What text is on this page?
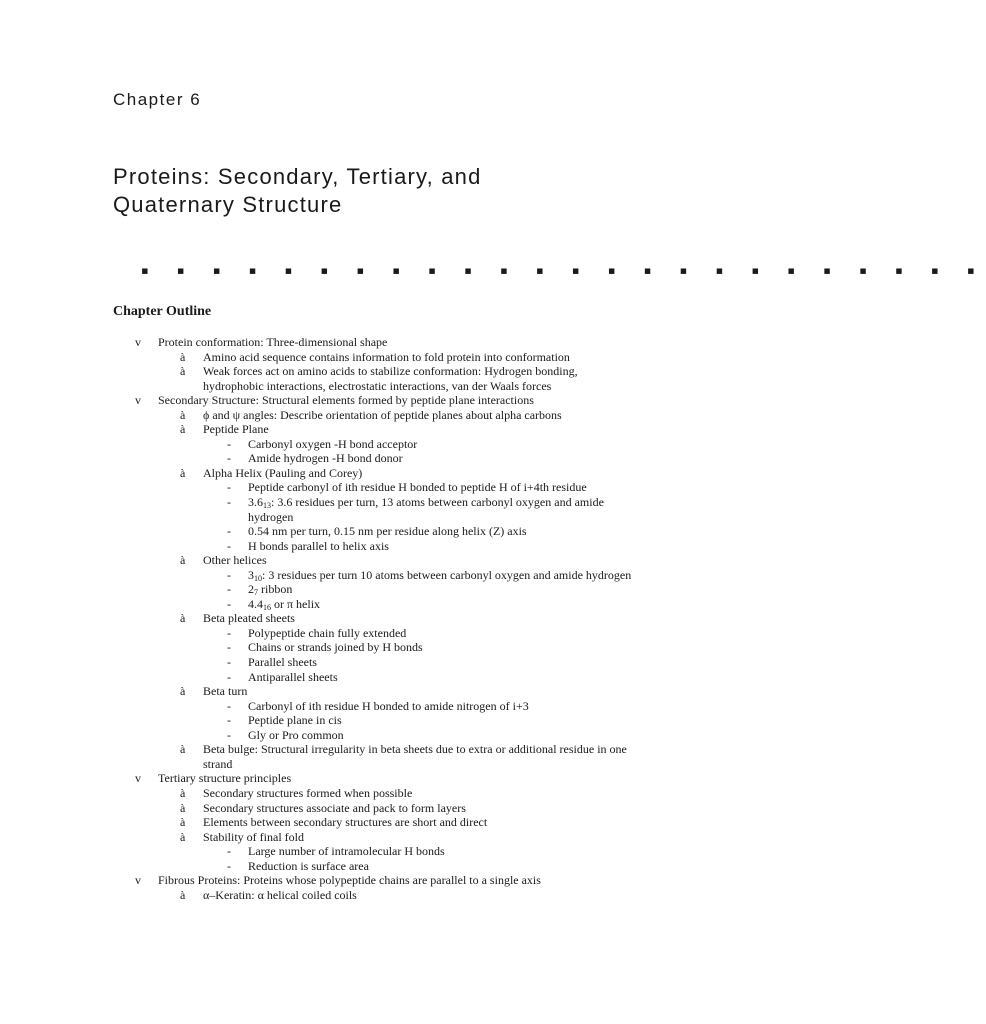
Chapter 6
Proteins: Secondary, Tertiary, and
Quaternary Structure
▪ ▪ ▪ ▪ ▪ ▪ ▪ ▪ ▪ ▪ ▪ ▪ ▪ ▪ ▪ ▪ ▪ ▪ ▪ ▪ ▪ ▪ ▪ ▪
Chapter Outline
v Protein conformation: Three-dimensional shape
à Amino acid sequence contains information to fold protein into conformation
à Weak forces act on amino acids to stabilize conformation: Hydrogen bonding,
hydrophobic interactions, electrostatic interactions, van der Waals forces
v Secondary Structure: Structural elements formed by peptide plane interactions
à ϕ and ψ angles: Describe orientation of peptide planes about alpha carbons
à Peptide Plane
- Carbonyl oxygen -H bond acceptor
- Amide hydrogen -H bond donor
à Alpha Helix (Pauling and Corey)
- Peptide carbonyl of ith residue H bonded to peptide H of i+4th residue
- $3.6_{13}$: 3.6 residues per turn, 13 atoms between carbonyl oxygen and amide
hydrogen
- 0.54 nm per turn, 0.15 nm per residue along helix (Z) axis
- H bonds parallel to helix axis
à Other helices
- $3_{10}$: 3 residues per turn 10 atoms between carbonyl oxygen and amide hydrogen
- $2_7$ ribbon
- $4.4_{16}$ or π helix
à Beta pleated sheets
- Polypeptide chain fully extended
- Chains or strands joined by H bonds
- Parallel sheets
- Antiparallel sheets
à Beta turn
- Carbonyl of ith residue H bonded to amide nitrogen of i+3
- Peptide plane in cis
- Gly or Pro common
à Beta bulge: Structural irregularity in beta sheets due to extra or additional residue in one
strand
v Tertiary structure principles
à Secondary structures formed when possible
à Secondary structures associate and pack to form layers
à Elements between secondary structures are short and direct
à Stability of final fold
- Large number of intramolecular H bonds
- Reduction is surface area
v Fibrous Proteins: Proteins whose polypeptide chains are parallel to a single axis
à α–Keratin: α helical coiled coils
